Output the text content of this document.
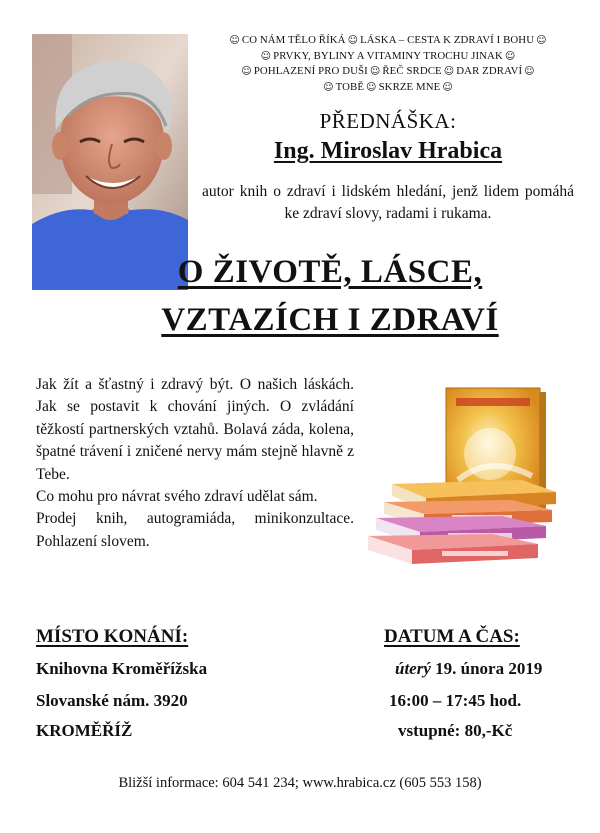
☺ CO NÁM TĚLO ŘÍKÁ ☺ LÁSKA – CESTA K ZDRAVÍ I BOHU ☺
☺ PRVKY, BYLINY A VITAMINY TROCHU JINAK ☺
☺ POHLAZENÍ PRO DUŠI ☺ ŘEČ SRDCE ☺ DAR ZDRAVÍ ☺
☺ TOBĚ ☺ SKRZE MNE ☺
PŘEDNÁŠKA:
Ing. Miroslav Hrabica
autor knih o zdraví i lidském hledání, jenž lidem pomáhá ke zdraví slovy, radami i rukama.
O ŽIVOTĚ, LÁSCE,
VZTAZÍCH I ZDRAVÍ

Jak žít a šťastný i zdravý být. O našich láskách. Jak se postavit k chování jiných. O zvládání těžkostí partnerských vztahů. Bolavá záda, kolena, špatné trávení i zničené nervy mám stejně hlavně z Tebe.

Co mohu pro návrat svého zdraví udělat sám.

Prodej knih, autogramiáda, minikonzultace. Pohlazení slovem.

MÍSTO KONÁNÍ:
Knihovna Kroměřížska
Slovanské nám. 3920
KROMĚŘÍŽ
DATUM A ČAS:
úterý 19. února 2019
16:00 – 17:45 hod.
vstupné: 80,-Kč
Bližší informace: 604 541 234; www.hrabica.cz (605 553 158)
